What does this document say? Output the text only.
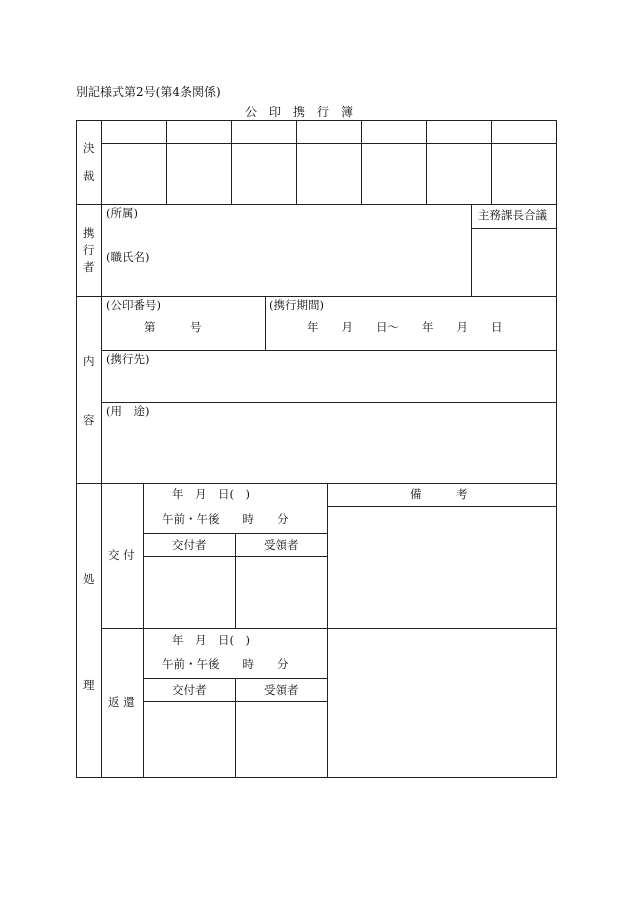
別記様式第2号(第4条関係)
公　印　携　行　簿
決
裁
携
行
者
(所属)
(職氏名)
主務課長合議
内
容
(公印番号)
第　　　号
(携行期間)
年　　月　　日～　　年　　月　　日
(携行先)
(用　途)
処
理
備　　　考
交 付
年　月　日(　)
午前・午後　　時　　分
交付者	受領者
返 還
年　月　日(　)
午前・午後　　時　　分
交付者	受領者
